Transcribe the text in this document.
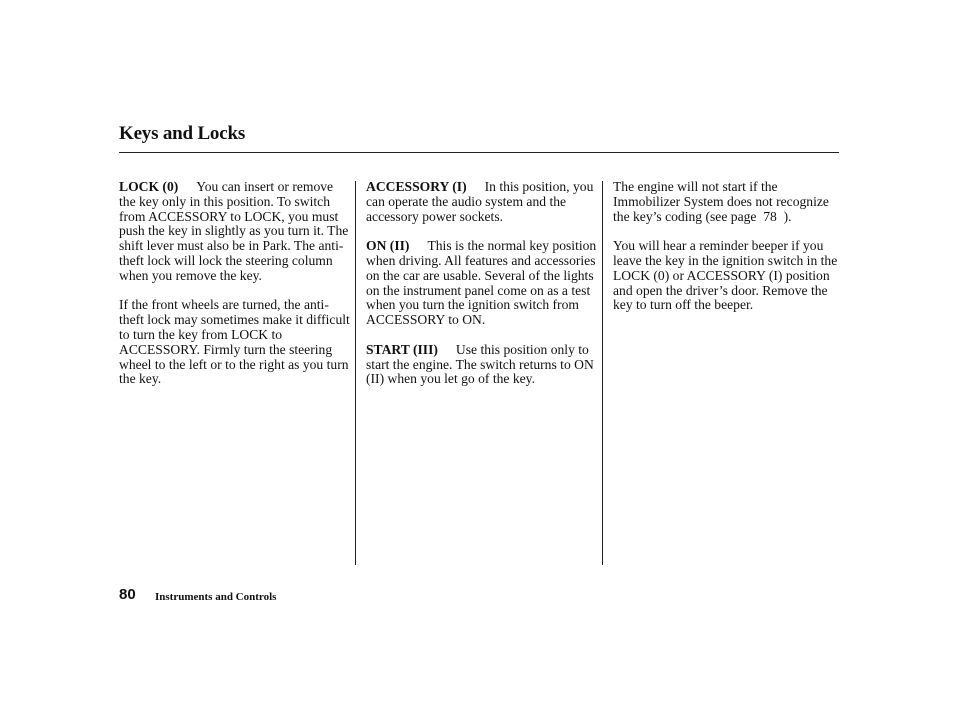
Keys and Locks

LOCK (0) You can insert or remove the key only in this position. To switch from ACCESSORY to LOCK, you must push the key in slightly as you turn it. The shift lever must also be in Park. The anti-theft lock will lock the steering column when you remove the key.

If the front wheels are turned, the anti-theft lock may sometimes make it difficult to turn the key from LOCK to ACCESSORY. Firmly turn the steering wheel to the left or to the right as you turn the key.

ACCESSORY (I) In this position, you can operate the audio system and the accessory power sockets.

ON (II) This is the normal key position when driving. All features and accessories on the car are usable. Several of the lights on the instrument panel come on as a test when you turn the ignition switch from ACCESSORY to ON.

START (III) Use this position only to start the engine. The switch returns to ON (II) when you let go of the key.

The engine will not start if the Immobilizer System does not recognize the key’s coding (see page 78 ).

You will hear a reminder beeper if you leave the key in the ignition switch in the LOCK (0) or ACCESSORY (I) position and open the driver’s door. Remove the key to turn off the beeper.

80 Instruments and Controls
